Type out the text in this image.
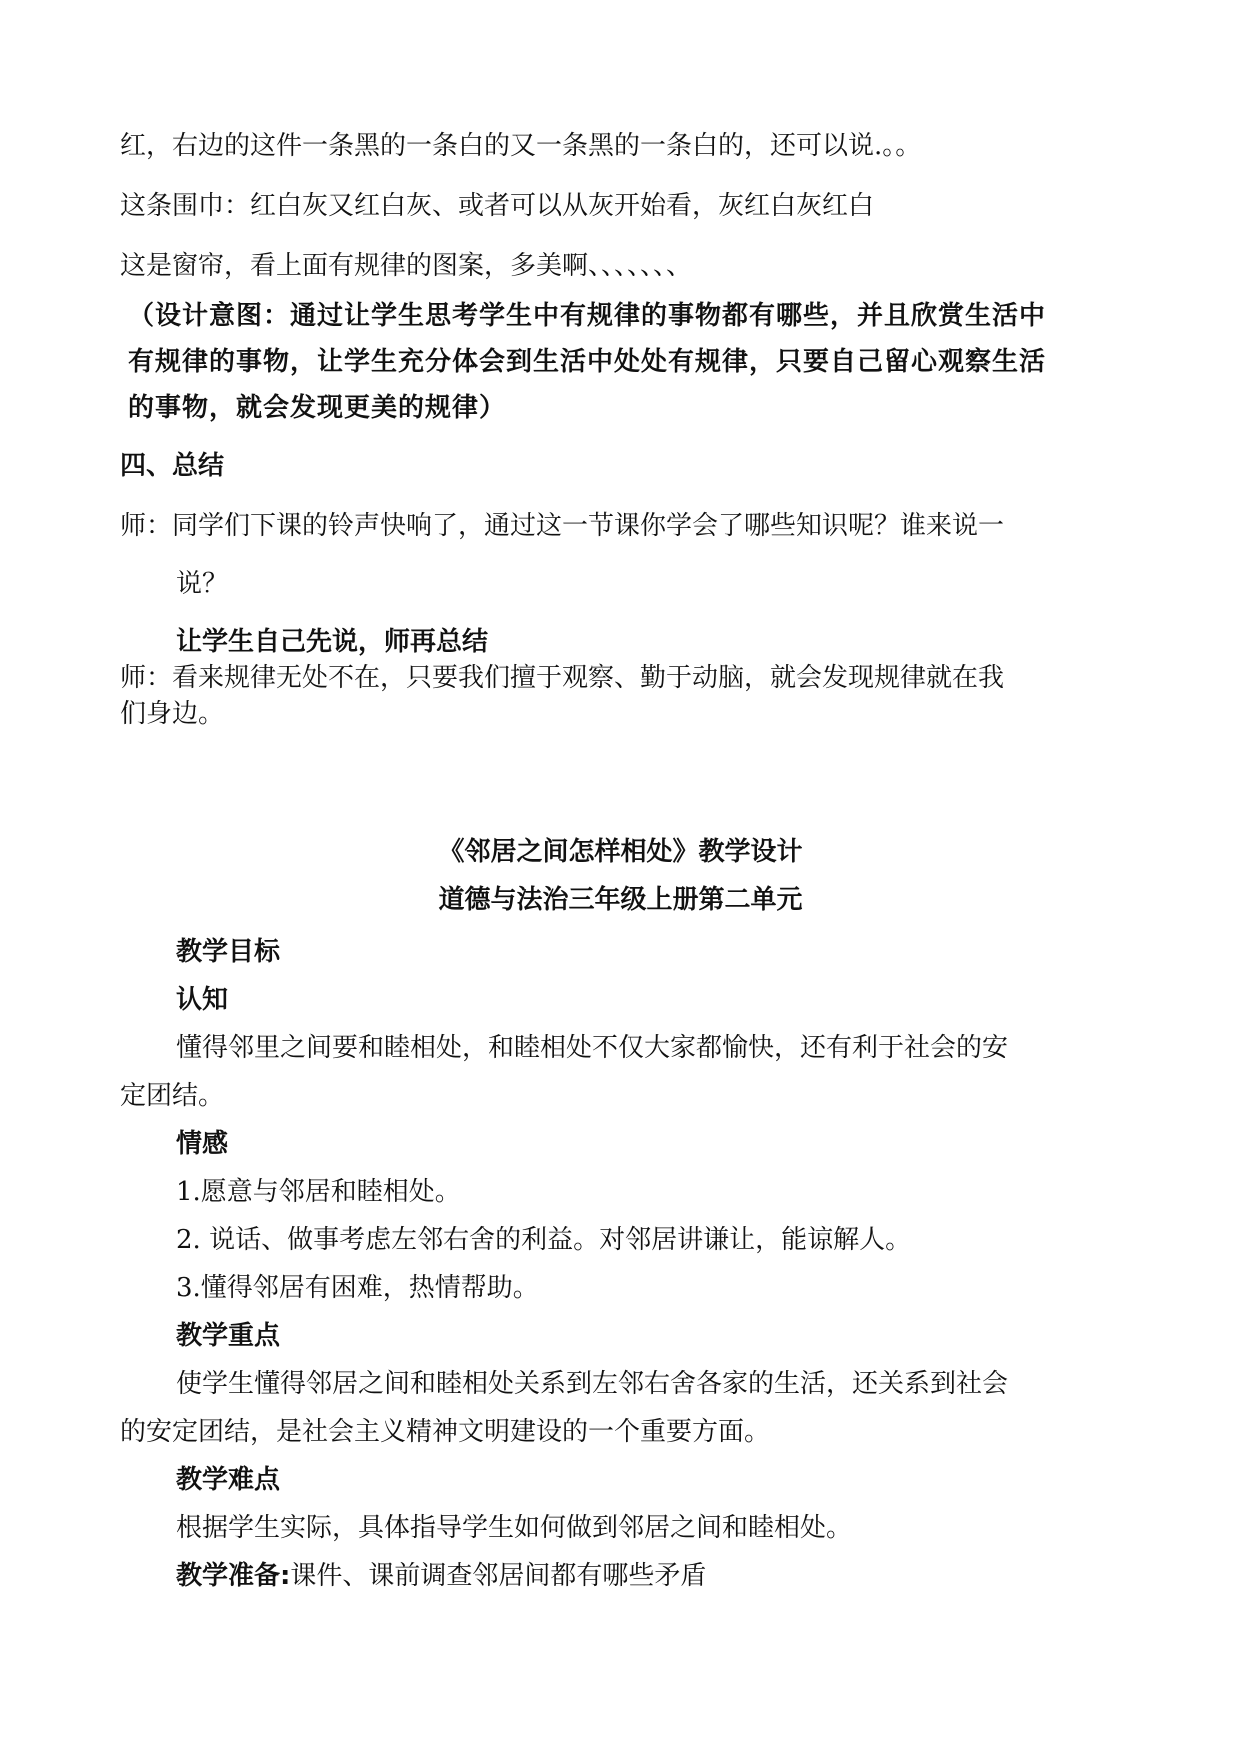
红，右边的这件一条黑的一条白的又一条黑的一条白的，还可以说.。。
这条围巾：红白灰又红白灰、或者可以从灰开始看，灰红白灰红白
这是窗帘，看上面有规律的图案，多美啊、、、、、、、
（设计意图：通过让学生思考学生中有规律的事物都有哪些，并且欣赏生活中
有规律的事物，让学生充分体会到生活中处处有规律，只要自己留心观察生活
的事物，就会发现更美的规律）
四、总结
师：同学们下课的铃声快响了，通过这一节课你学会了哪些知识呢？谁来说一
说？
让学生自己先说，师再总结
师：看来规律无处不在，只要我们擅于观察、勤于动脑，就会发现规律就在我
们身边。
《邻居之间怎样相处》教学设计
道德与法治三年级上册第二单元
教学目标
认知
懂得邻里之间要和睦相处，和睦相处不仅大家都愉快，还有利于社会的安
定团结。
情感
1.愿意与邻居和睦相处。
2. 说话、做事考虑左邻右舍的利益。对邻居讲谦让，能谅解人。
3.懂得邻居有困难，热情帮助。
教学重点
使学生懂得邻居之间和睦相处关系到左邻右舍各家的生活，还关系到社会
的安定团结，是社会主义精神文明建设的一个重要方面。
教学难点
根据学生实际，具体指导学生如何做到邻居之间和睦相处。
教学准备:课件、课前调查邻居间都有哪些矛盾
